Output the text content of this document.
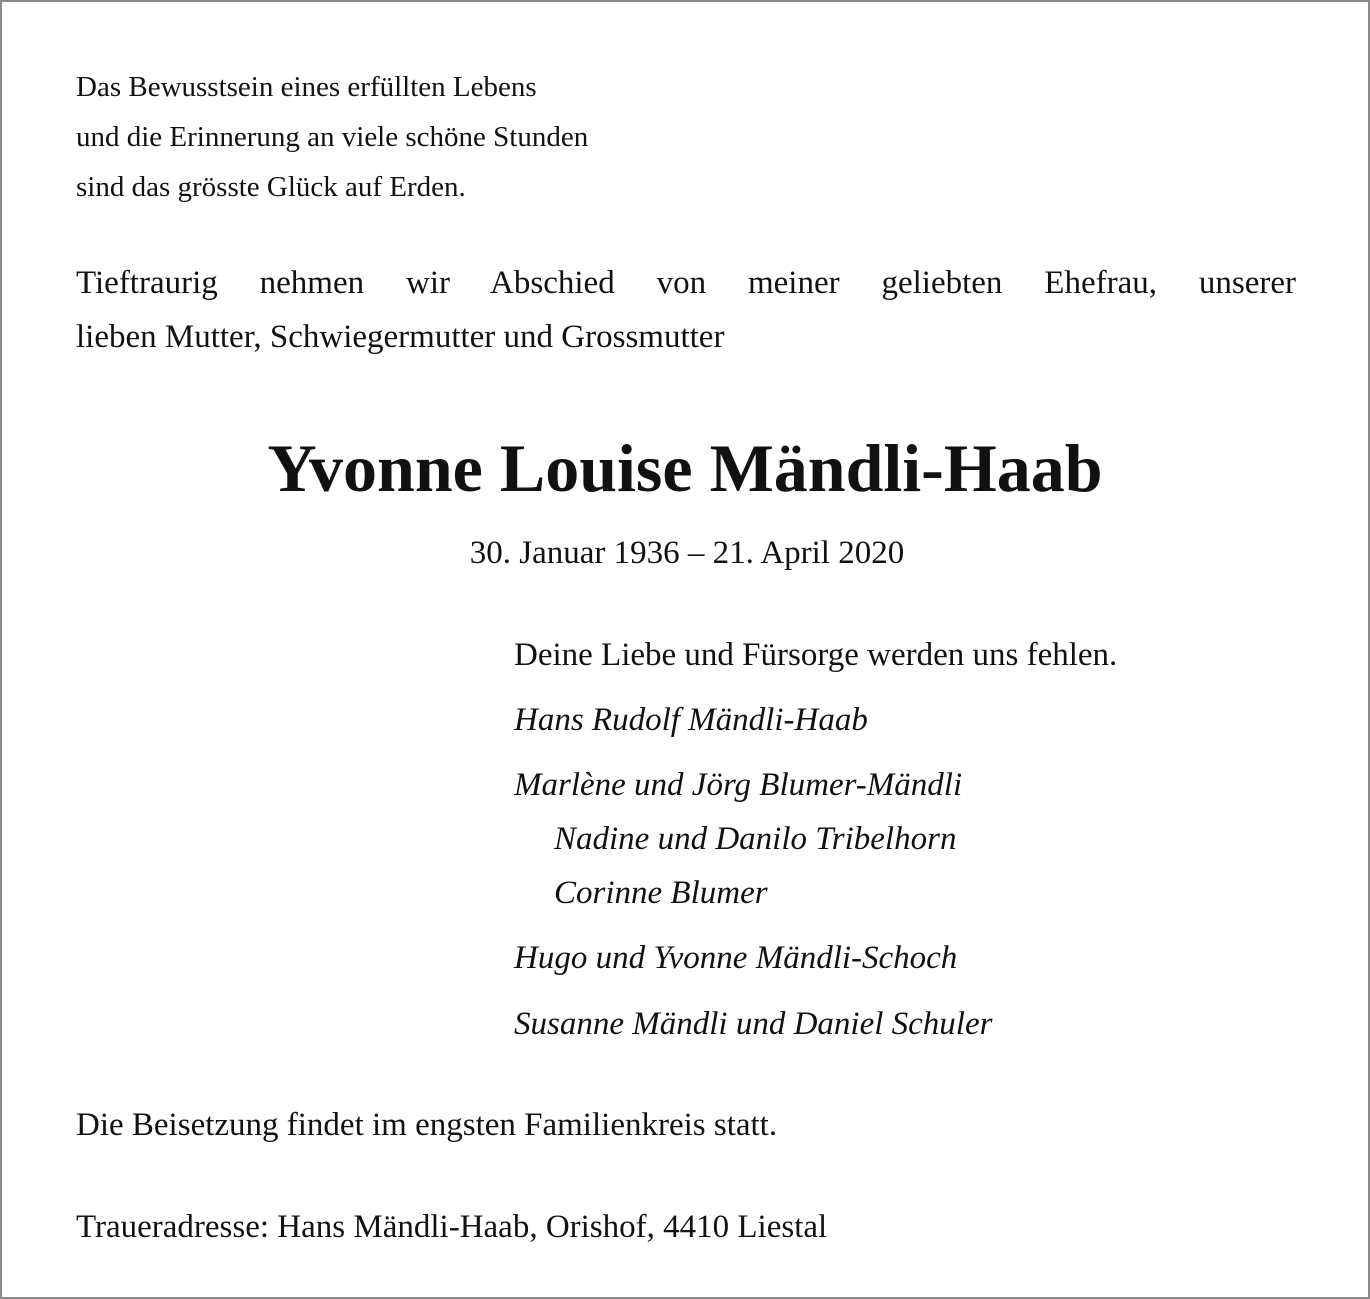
Das Bewusstsein eines erfüllten Lebens
und die Erinnerung an viele schöne Stunden
sind das grösste Glück auf Erden.
Tieftraurig nehmen wir Abschied von meiner geliebten Ehefrau, unserer
lieben Mutter, Schwiegermutter und Grossmutter
Yvonne Louise Mändli-Haab
30. Januar 1936 – 21. April 2020
Deine Liebe und Fürsorge werden uns fehlen.
Hans Rudolf Mändli-Haab
Marlène und Jörg Blumer-Mändli
Nadine und Danilo Tribelhorn
Corinne Blumer
Hugo und Yvonne Mändli-Schoch
Susanne Mändli und Daniel Schuler
Die Beisetzung findet im engsten Familienkreis statt.
Traueradresse: Hans Mändli-Haab, Orishof, 4410 Liestal
